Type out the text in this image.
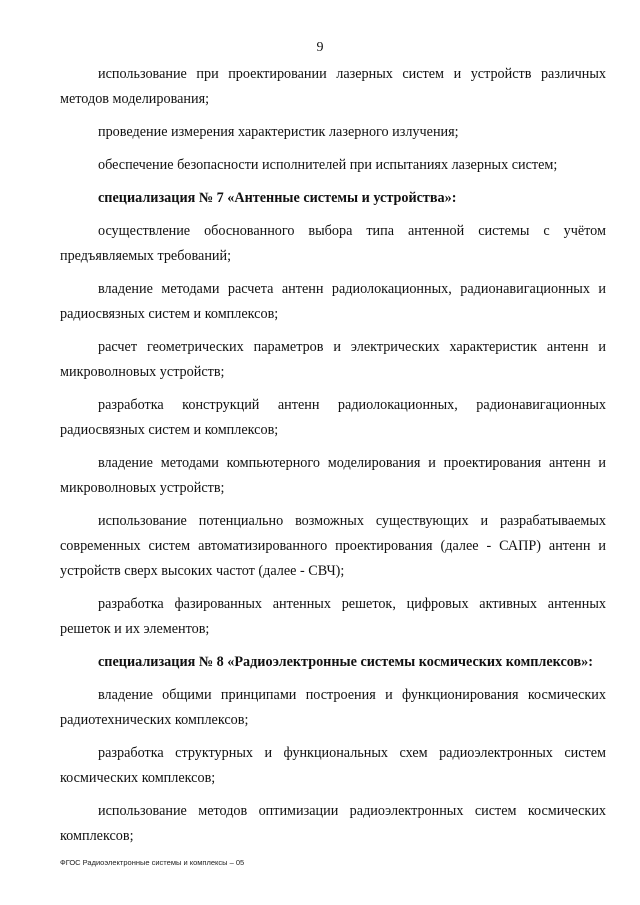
9

использование при проектировании лазерных систем и устройств различных методов моделирования;

проведение измерения характеристик лазерного излучения;

обеспечение безопасности исполнителей при испытаниях лазерных систем;

специализация № 7 «Антенные системы и устройства»:

осуществление обоснованного выбора типа антенной системы с учётом предъявляемых требований;

владение методами расчета антенн радиолокационных, радионавигационных и радиосвязных систем и комплексов;

расчет геометрических параметров и электрических характеристик антенн и микроволновых устройств;

разработка конструкций антенн радиолокационных, радионавигационных радиосвязных систем и комплексов;

владение методами компьютерного моделирования и проектирования антенн и микроволновых устройств;

использование потенциально возможных существующих и разрабатываемых современных систем автоматизированного проектирования (далее - САПР) антенн и устройств сверх высоких частот (далее - СВЧ);

разработка фазированных антенных решеток, цифровых активных антенных решеток и их элементов;

специализация № 8 «Радиоэлектронные системы космических комплексов»:

владение общими принципами построения и функционирования космических радиотехнических комплексов;

разработка структурных и функциональных схем радиоэлектронных систем космических комплексов;

использование методов оптимизации радиоэлектронных систем космических комплексов;

ФГОС Радиоэлектронные системы и комплексы – 05
